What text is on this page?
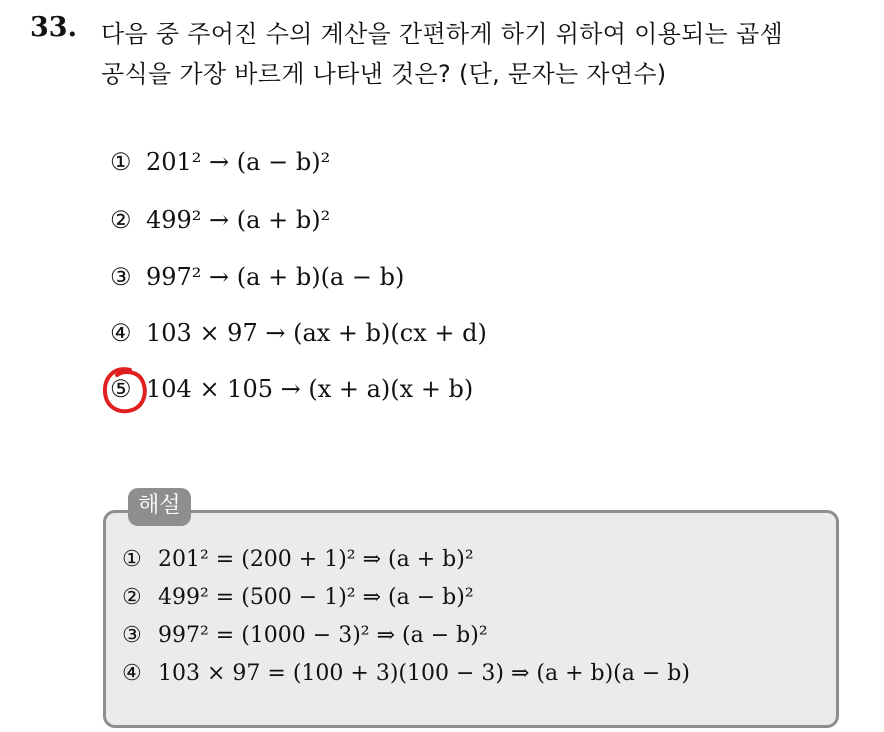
33. 다음 중 주어진 수의 계산을 간편하게 하기 위하여 이용되는 곱셈
공식을 가장 바르게 나타낸 것은? (단, 문자는 자연수)
① 201² → (a − b)²
② 499² → (a + b)²
③ 997² → (a + b)(a − b)
④ 103 × 97 → (ax + b)(cx + d)
⑤ 104 × 105 → (x + a)(x + b)
해설
① 201² = (200 + 1)² ⇒ (a + b)²
② 499² = (500 − 1)² ⇒ (a − b)²
③ 997² = (1000 − 3)² ⇒ (a − b)²
④ 103 × 97 = (100 + 3)(100 − 3) ⇒ (a + b)(a − b)
